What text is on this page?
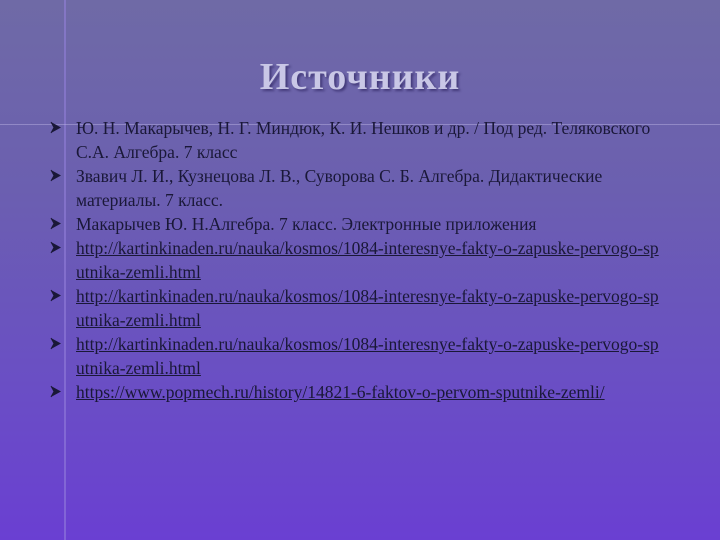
Источники
Ю. Н. Макарычев, Н. Г. Миндюк, К. И. Нешков и др. / Под ред. Теляковского С.А. Алгебра. 7 класс
Звавич Л. И., Кузнецова Л. В., Суворова С. Б. Алгебра. Дидактические материалы. 7 класс.
Макарычев Ю. Н.Алгебра. 7 класс. Электронные приложения
http://kartinkinaden.ru/nauka/kosmos/1084-interesnye-fakty-o-zapuske-pervogo-sputnika-zemli.html
http://kartinkinaden.ru/nauka/kosmos/1084-interesnye-fakty-o-zapuske-pervogo-sputnika-zemli.html
http://kartinkinaden.ru/nauka/kosmos/1084-interesnye-fakty-o-zapuske-pervogo-sputnika-zemli.html
https://www.popmech.ru/history/14821-6-faktov-o-pervom-sputnike-zemli/
